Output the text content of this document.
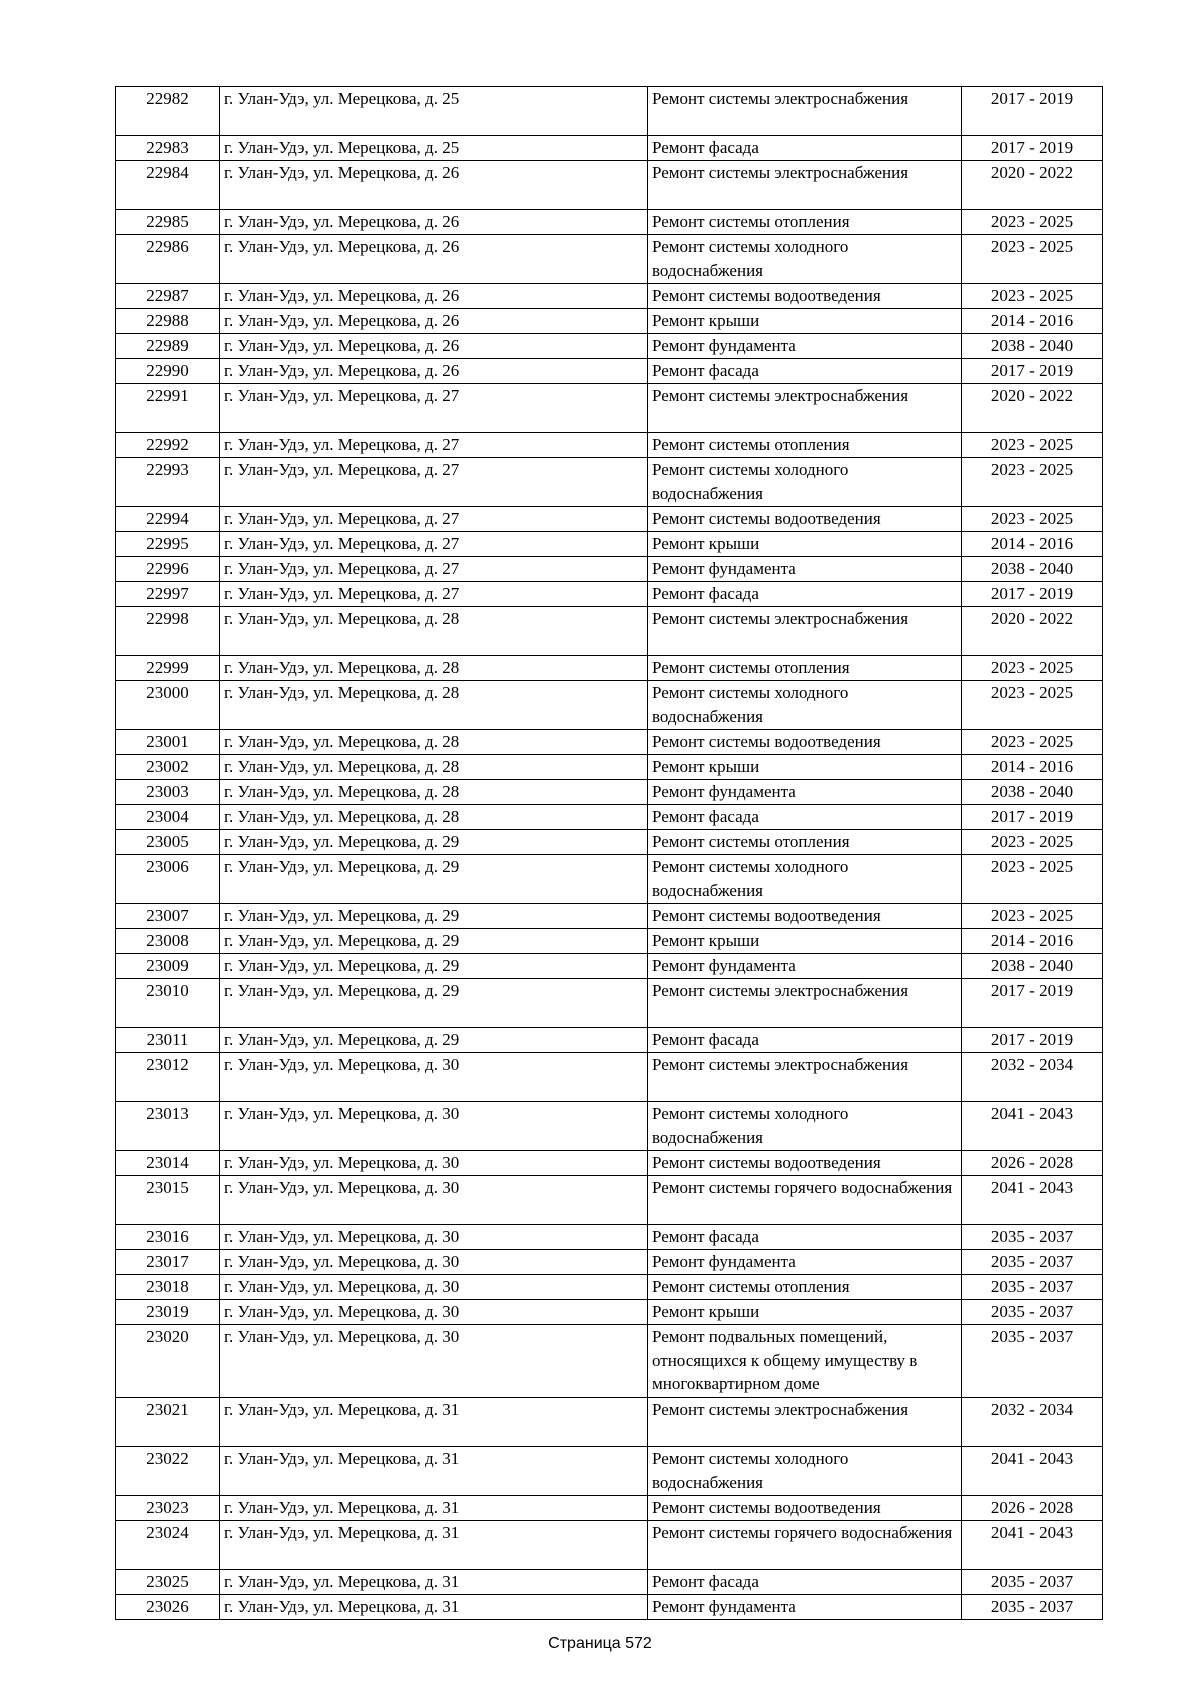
22982	г. Улан-Удэ, ул. Мерецкова, д. 25	Ремонт системы электроснабжения	2017 - 2019
22983	г. Улан-Удэ, ул. Мерецкова, д. 25	Ремонт фасада	2017 - 2019
22984	г. Улан-Удэ, ул. Мерецкова, д. 26	Ремонт системы электроснабжения	2020 - 2022
22985	г. Улан-Удэ, ул. Мерецкова, д. 26	Ремонт системы отопления	2023 - 2025
22986	г. Улан-Удэ, ул. Мерецкова, д. 26	Ремонт системы холодного водоснабжения	2023 - 2025
22987	г. Улан-Удэ, ул. Мерецкова, д. 26	Ремонт системы водоотведения	2023 - 2025
22988	г. Улан-Удэ, ул. Мерецкова, д. 26	Ремонт крыши	2014 - 2016
22989	г. Улан-Удэ, ул. Мерецкова, д. 26	Ремонт фундамента	2038 - 2040
22990	г. Улан-Удэ, ул. Мерецкова, д. 26	Ремонт фасада	2017 - 2019
22991	г. Улан-Удэ, ул. Мерецкова, д. 27	Ремонт системы электроснабжения	2020 - 2022
22992	г. Улан-Удэ, ул. Мерецкова, д. 27	Ремонт системы отопления	2023 - 2025
22993	г. Улан-Удэ, ул. Мерецкова, д. 27	Ремонт системы холодного водоснабжения	2023 - 2025
22994	г. Улан-Удэ, ул. Мерецкова, д. 27	Ремонт системы водоотведения	2023 - 2025
22995	г. Улан-Удэ, ул. Мерецкова, д. 27	Ремонт крыши	2014 - 2016
22996	г. Улан-Удэ, ул. Мерецкова, д. 27	Ремонт фундамента	2038 - 2040
22997	г. Улан-Удэ, ул. Мерецкова, д. 27	Ремонт фасада	2017 - 2019
22998	г. Улан-Удэ, ул. Мерецкова, д. 28	Ремонт системы электроснабжения	2020 - 2022
22999	г. Улан-Удэ, ул. Мерецкова, д. 28	Ремонт системы отопления	2023 - 2025
23000	г. Улан-Удэ, ул. Мерецкова, д. 28	Ремонт системы холодного водоснабжения	2023 - 2025
23001	г. Улан-Удэ, ул. Мерецкова, д. 28	Ремонт системы водоотведения	2023 - 2025
23002	г. Улан-Удэ, ул. Мерецкова, д. 28	Ремонт крыши	2014 - 2016
23003	г. Улан-Удэ, ул. Мерецкова, д. 28	Ремонт фундамента	2038 - 2040
23004	г. Улан-Удэ, ул. Мерецкова, д. 28	Ремонт фасада	2017 - 2019
23005	г. Улан-Удэ, ул. Мерецкова, д. 29	Ремонт системы отопления	2023 - 2025
23006	г. Улан-Удэ, ул. Мерецкова, д. 29	Ремонт системы холодного водоснабжения	2023 - 2025
23007	г. Улан-Удэ, ул. Мерецкова, д. 29	Ремонт системы водоотведения	2023 - 2025
23008	г. Улан-Удэ, ул. Мерецкова, д. 29	Ремонт крыши	2014 - 2016
23009	г. Улан-Удэ, ул. Мерецкова, д. 29	Ремонт фундамента	2038 - 2040
23010	г. Улан-Удэ, ул. Мерецкова, д. 29	Ремонт системы электроснабжения	2017 - 2019
23011	г. Улан-Удэ, ул. Мерецкова, д. 29	Ремонт фасада	2017 - 2019
23012	г. Улан-Удэ, ул. Мерецкова, д. 30	Ремонт системы электроснабжения	2032 - 2034
23013	г. Улан-Удэ, ул. Мерецкова, д. 30	Ремонт системы холодного водоснабжения	2041 - 2043
23014	г. Улан-Удэ, ул. Мерецкова, д. 30	Ремонт системы водоотведения	2026 - 2028
23015	г. Улан-Удэ, ул. Мерецкова, д. 30	Ремонт системы горячего водоснабжения	2041 - 2043
23016	г. Улан-Удэ, ул. Мерецкова, д. 30	Ремонт фасада	2035 - 2037
23017	г. Улан-Удэ, ул. Мерецкова, д. 30	Ремонт фундамента	2035 - 2037
23018	г. Улан-Удэ, ул. Мерецкова, д. 30	Ремонт системы отопления	2035 - 2037
23019	г. Улан-Удэ, ул. Мерецкова, д. 30	Ремонт крыши	2035 - 2037
23020	г. Улан-Удэ, ул. Мерецкова, д. 30	Ремонт подвальных помещений, относящихся к общему имуществу в многоквартирном доме	2035 - 2037
23021	г. Улан-Удэ, ул. Мерецкова, д. 31	Ремонт системы электроснабжения	2032 - 2034
23022	г. Улан-Удэ, ул. Мерецкова, д. 31	Ремонт системы холодного водоснабжения	2041 - 2043
23023	г. Улан-Удэ, ул. Мерецкова, д. 31	Ремонт системы водоотведения	2026 - 2028
23024	г. Улан-Удэ, ул. Мерецкова, д. 31	Ремонт системы горячего водоснабжения	2041 - 2043
23025	г. Улан-Удэ, ул. Мерецкова, д. 31	Ремонт фасада	2035 - 2037
23026	г. Улан-Удэ, ул. Мерецкова, д. 31	Ремонт фундамента	2035 - 2037
Страница 572
